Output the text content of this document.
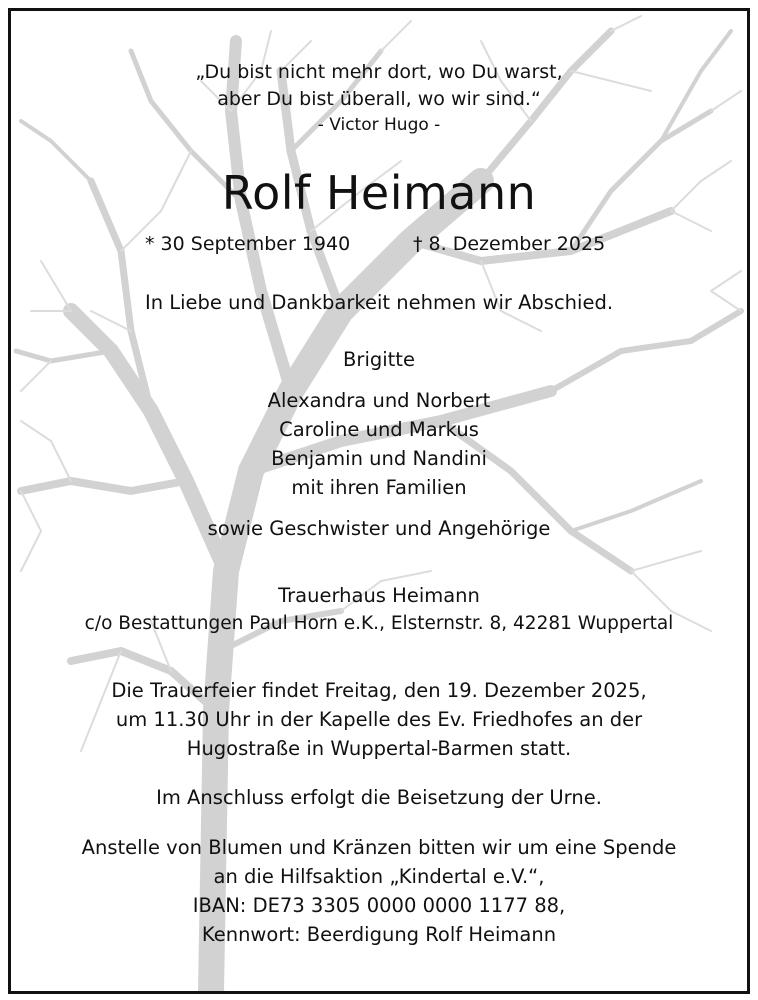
„Du bist nicht mehr dort, wo Du warst,
aber Du bist überall, wo wir sind.“
- Victor Hugo -
Rolf Heimann
* 30 September 1940	† 8. Dezember 2025
In Liebe und Dankbarkeit nehmen wir Abschied.
Brigitte
Alexandra und Norbert
Caroline und Markus
Benjamin und Nandini
mit ihren Familien
sowie Geschwister und Angehörige
Trauerhaus Heimann
c/o Bestattungen Paul Horn e.K., Elsternstr. 8, 42281 Wuppertal
Die Trauerfeier findet Freitag, den 19. Dezember 2025,
um 11.30 Uhr in der Kapelle des Ev. Friedhofes an der
Hugostraße in Wuppertal-Barmen statt.
Im Anschluss erfolgt die Beisetzung der Urne.
Anstelle von Blumen und Kränzen bitten wir um eine Spende
an die Hilfsaktion „Kindertal e.V.“,
IBAN: DE73 3305 0000 0000 1177 88,
Kennwort: Beerdigung Rolf Heimann
